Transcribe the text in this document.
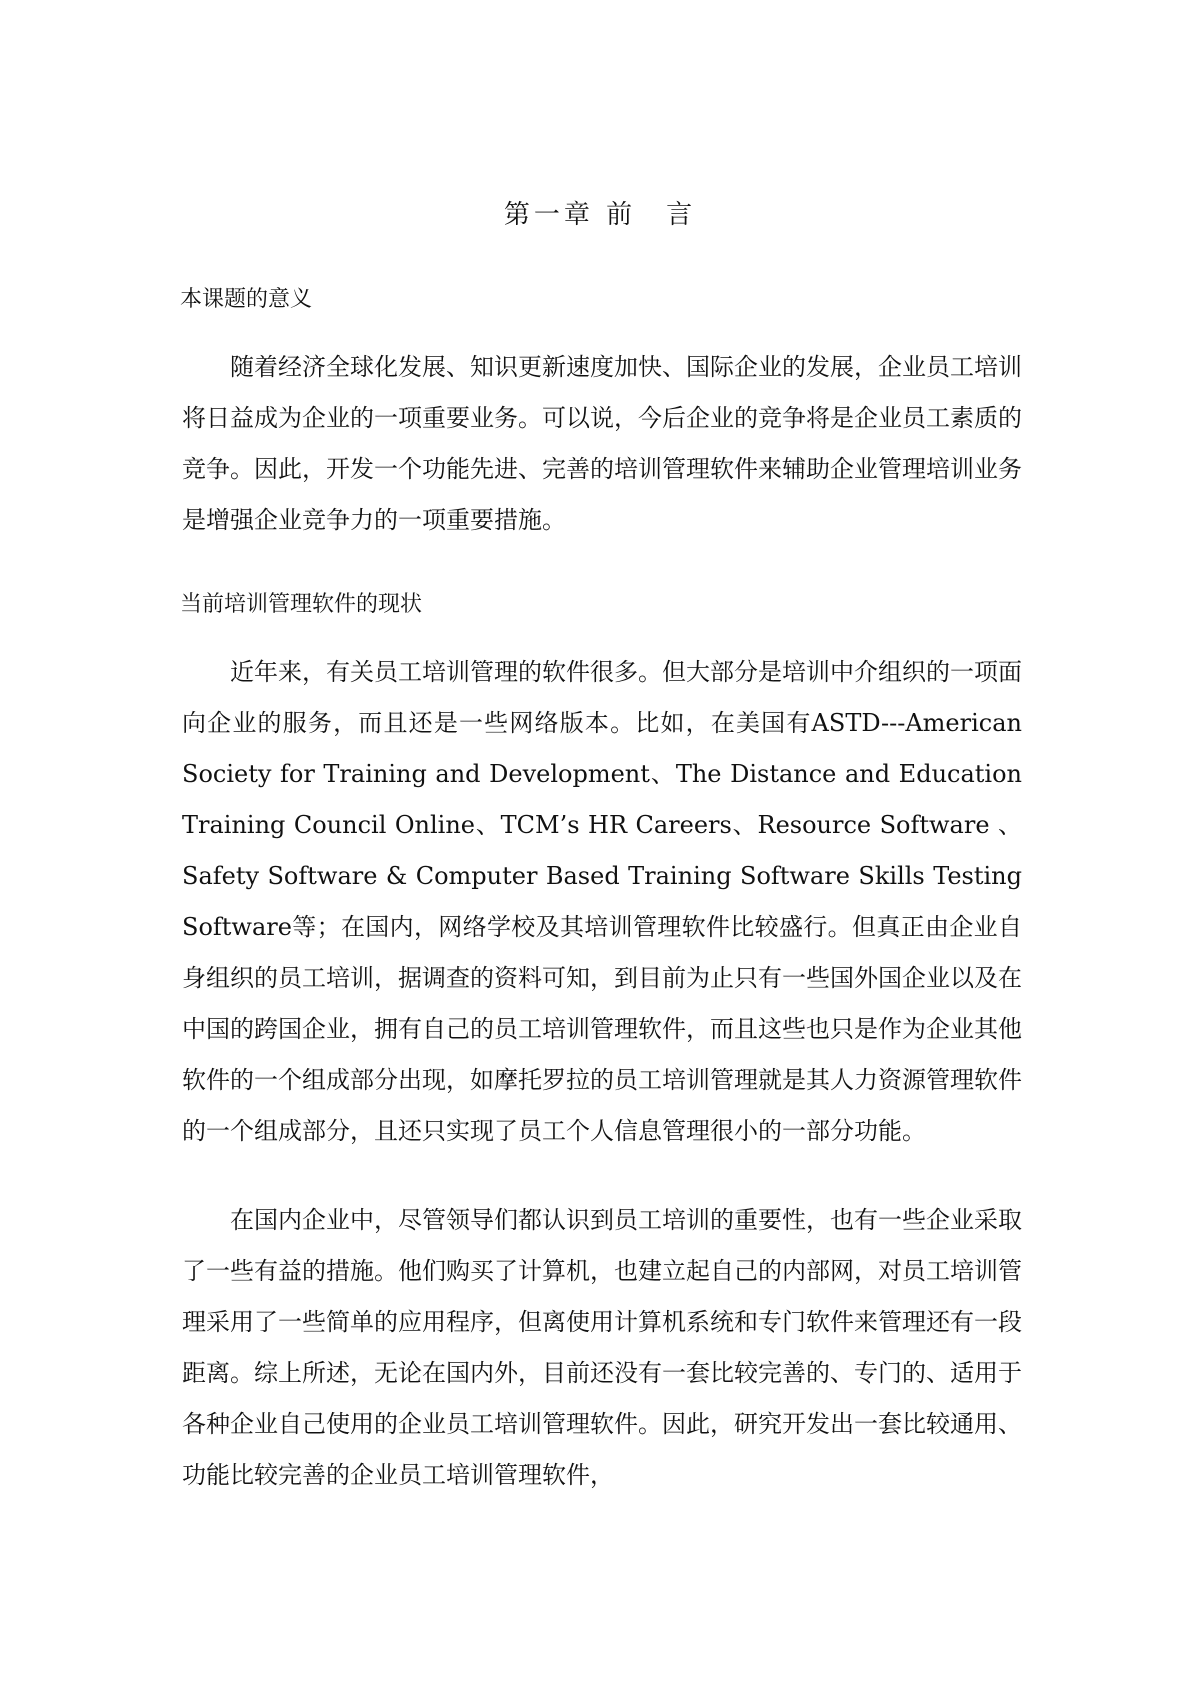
第一章 前　言
本课题的意义

随着经济全球化发展、知识更新速度加快、国际企业的发展，企业员工培训将日益成为企业的一项重要业务。可以说，今后企业的竞争将是企业员工素质的竞争。因此，开发一个功能先进、完善的培训管理软件来辅助企业管理培训业务是增强企业竞争力的一项重要措施。

当前培训管理软件的现状

近年来，有关员工培训管理的软件很多。但大部分是培训中介组织的一项面向企业的服务，而且还是一些网络版本。比如，在美国有ASTD---American Society for Training and Development、The Distance and Education Training Council Online、TCM’s HR Careers、Resource Software 、Safety Software & Computer Based Training Software Skills Testing Software等；在国内，网络学校及其培训管理软件比较盛行。但真正由企业自身组织的员工培训，据调查的资料可知，到目前为止只有一些国外国企业以及在中国的跨国企业，拥有自己的员工培训管理软件，而且这些也只是作为企业其他软件的一个组成部分出现，如摩托罗拉的员工培训管理就是其人力资源管理软件的一个组成部分，且还只实现了员工个人信息管理很小的一部分功能。

在国内企业中，尽管领导们都认识到员工培训的重要性，也有一些企业采取了一些有益的措施。他们购买了计算机，也建立起自己的内部网，对员工培训管理采用了一些简单的应用程序，但离使用计算机系统和专门软件来管理还有一段距离。综上所述，无论在国内外，目前还没有一套比较完善的、专门的、适用于各种企业自己使用的企业员工培训管理软件。因此，研究开发出一套比较通用、功能比较完善的企业员工培训管理软件，
